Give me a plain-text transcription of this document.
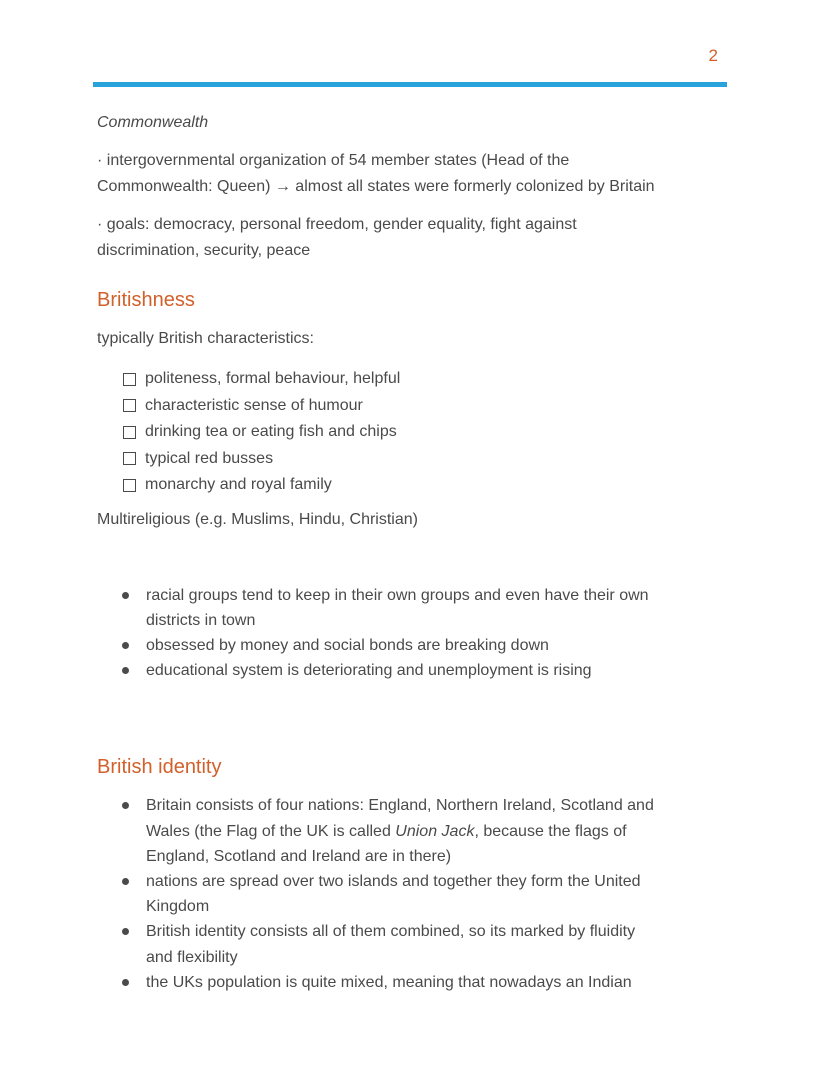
2
Commonwealth

· intergovernmental organization of 54 member states (Head of the
Commonwealth: Queen) → almost all states were formerly colonized by Britain

· goals: democracy, personal freedom, gender equality, fight against
discrimination, security, peace

Britishness

typically British characteristics:

politeness, formal behaviour, helpful
characteristic sense of humour
drinking tea or eating fish and chips
typical red busses
monarchy and royal family

Multireligious (e.g. Muslims, Hindu, Christian)

racial groups tend to keep in their own groups and even have their own
districts in town
obsessed by money and social bonds are breaking down
educational system is deteriorating and unemployment is rising
British identity
Britain consists of four nations: England, Northern Ireland, Scotland and
Wales (the Flag of the UK is called Union Jack, because the flags of
England, Scotland and Ireland are in there)
nations are spread over two islands and together they form the United
Kingdom
British identity consists all of them combined, so its marked by fluidity
and flexibility
the UKs population is quite mixed, meaning that nowadays an Indian
